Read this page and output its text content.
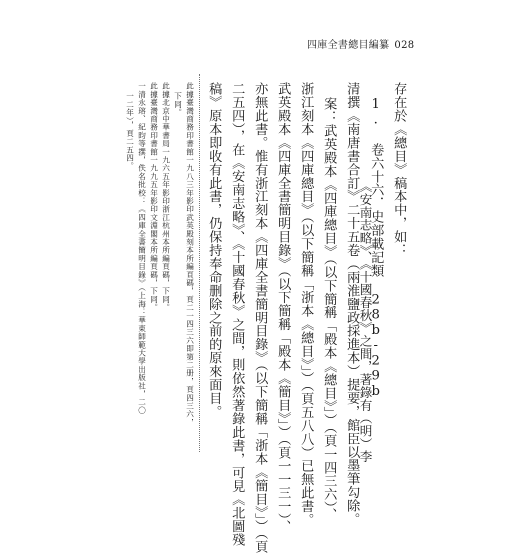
四庫全書總目編纂 028
存在於《總目》稿本中，如：
1. 卷六十六．史部載記類 28b-29b
《安南志略》、《十國春秋》之間，著錄有（明）李
清撰《南唐書合訂》二十五卷（兩淮鹽政採進本）提要，館臣以墨筆勾除。
案：武英殿本《四庫總目》（以下簡稱「殿本《總目》」）（頁一四三六）、
浙江刻本《四庫總目》（以下簡稱「浙本《總目》」）（頁五八八）已無此書。
武英殿本《四庫全書簡明目錄》（以下簡稱「殿本《簡目》」）（頁一一三一）、
亦無此書。惟有浙江刻本《四庫全書簡明目錄》（以下簡稱「浙本《簡目》」）（頁
二五四），在《安南志略》、《十國春秋》之間，則依然著錄此書，可見《北圖殘
稿》原本即收有此書，仍保持奉命删除之前的原來面目。
此據臺灣商務印書館一九八三年影印武英殿刻本所編頁碼，頁二一四三六即第二册，頁四三六，
下同。
此據北京中華書局一九六五年影印浙江杭州本所編頁碼，下同。
此據臺灣商務印書館一九九五年影印文淵閣本所編頁碼，下同。
一清永瑢、紀昀等撰，佚名批校：《四庫全書簡明目錄》（上海：華東師範大學出版社，二〇
一二年），頁二五四。
